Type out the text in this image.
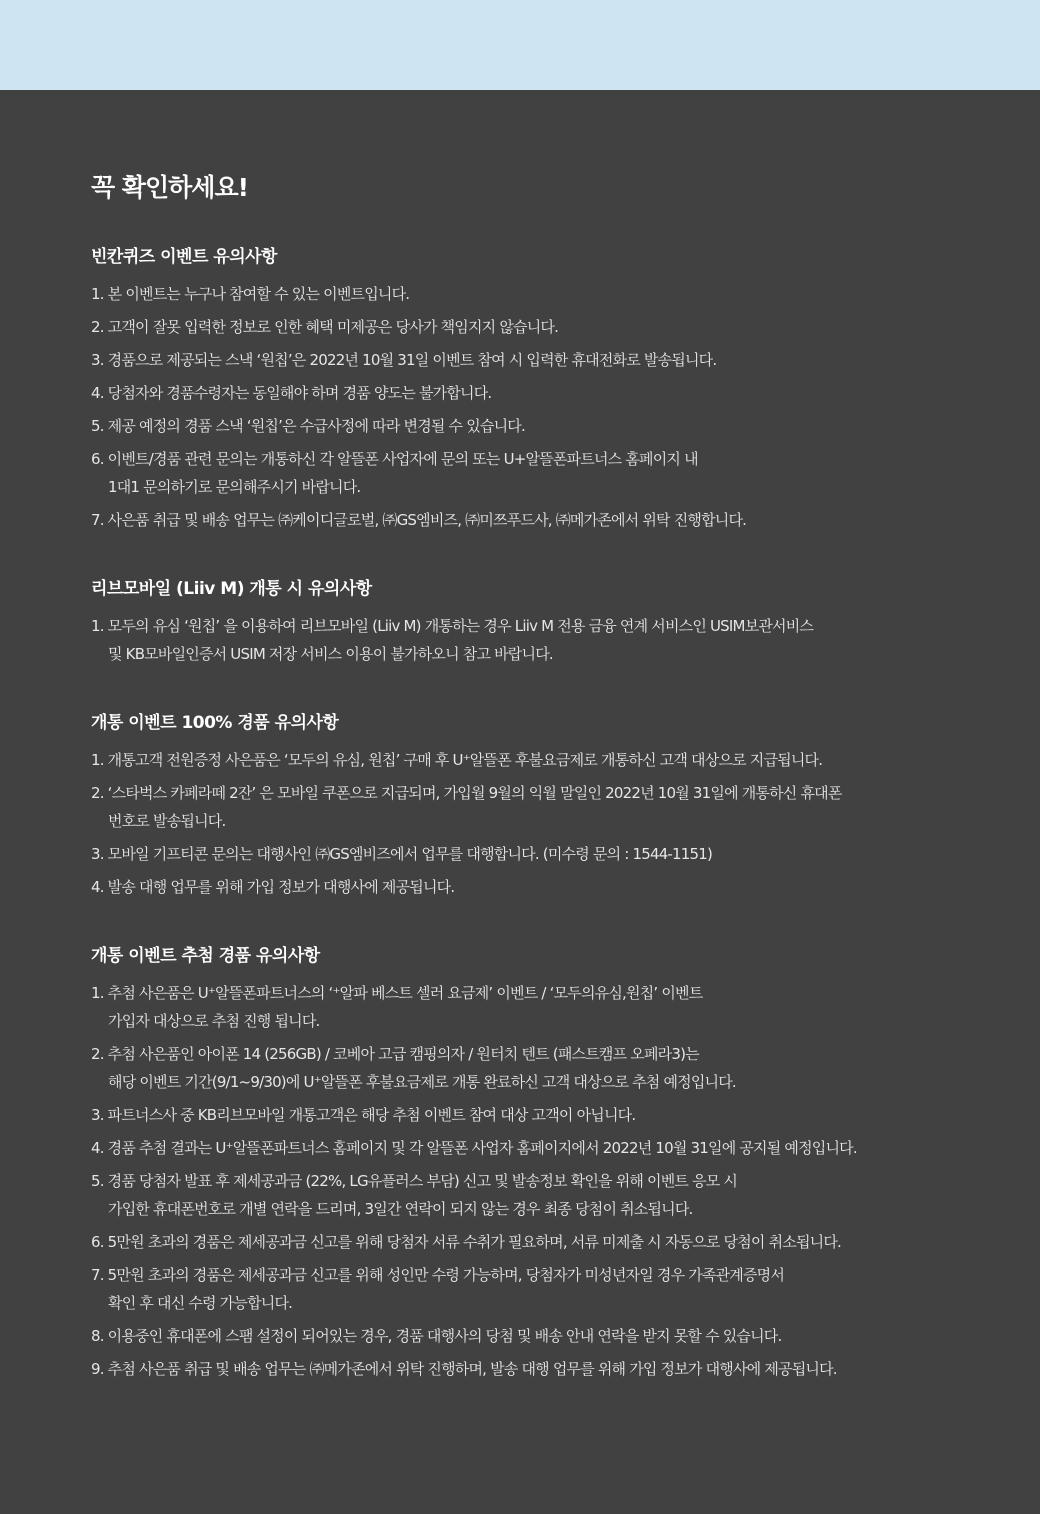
꼭 확인하세요!
빈칸퀴즈 이벤트 유의사항
1. 본 이벤트는 누구나 참여할 수 있는 이벤트입니다.
2. 고객이 잘못 입력한 정보로 인한 혜택 미제공은 당사가 책임지지 않습니다.
3. 경품으로 제공되는 스낵 ‘원칩’은 2022년 10월 31일 이벤트 참여 시 입력한 휴대전화로 발송됩니다.
4. 당첨자와 경품수령자는 동일해야 하며 경품 양도는 불가합니다.
5. 제공 예정의 경품 스낵 ‘원칩’은 수급사정에 따라 변경될 수 있습니다.
6. 이벤트/경품 관련 문의는 개통하신 각 알뜰폰 사업자에 문의 또는 U+알뜰폰파트너스 홈페이지 내
1대1 문의하기로 문의해주시기 바랍니다.
7. 사은품 취급 및 배송 업무는 ㈜케이디글로벌, ㈜GS엠비즈, ㈜미쯔푸드사, ㈜메가존에서 위탁 진행합니다.
리브모바일 (Liiv M) 개통 시 유의사항
1. 모두의 유심 ‘원칩’ 을 이용하여 리브모바일 (Liiv M) 개통하는 경우 Liiv M 전용 금융 연계 서비스인 USIM보관서비스
및 KB모바일인증서 USIM 저장 서비스 이용이 불가하오니 참고 바랍니다.
개통 이벤트 100% 경품 유의사항
1. 개통고객 전원증정 사은품은 ‘모두의 유심, 원칩’ 구매 후 U⁺알뜰폰 후불요금제로 개통하신 고객 대상으로 지급됩니다.
2. ‘스타벅스 카페라떼 2잔’ 은 모바일 쿠폰으로 지급되며, 가입월 9월의 익월 말일인 2022년 10월 31일에 개통하신 휴대폰
번호로 발송됩니다.
3. 모바일 기프티콘 문의는 대행사인 ㈜GS엠비즈에서 업무를 대행합니다. (미수령 문의 : 1544-1151)
4. 발송 대행 업무를 위해 가입 정보가 대행사에 제공됩니다.
개통 이벤트 추첨 경품 유의사항
1. 추첨 사은품은 U⁺알뜰폰파트너스의 ‘⁺알파 베스트 셀러 요금제’ 이벤트 / ‘모두의유심,원칩’ 이벤트
가입자 대상으로 추첨 진행 됩니다.
2. 추첨 사은품인 아이폰 14 (256GB) / 코베아 고급 캠핑의자 / 원터치 텐트 (패스트캠프 오페라3)는
해당 이벤트 기간(9/1~9/30)에 U⁺알뜰폰 후불요금제로 개통 완료하신 고객 대상으로 추첨 예정입니다.
3. 파트너스사 중 KB리브모바일 개통고객은 해당 추첨 이벤트 참여 대상 고객이 아닙니다.
4. 경품 추첨 결과는 U⁺알뜰폰파트너스 홈페이지 및 각 알뜰폰 사업자 홈페이지에서 2022년 10월 31일에 공지될 예정입니다.
5. 경품 당첨자 발표 후 제세공과금 (22%, LG유플러스 부담) 신고 및 발송정보 확인을 위해 이벤트 응모 시
가입한 휴대폰번호로 개별 연락을 드리며, 3일간 연락이 되지 않는 경우 최종 당첨이 취소됩니다.
6. 5만원 초과의 경품은 제세공과금 신고를 위해 당첨자 서류 수취가 필요하며, 서류 미제출 시 자동으로 당첨이 취소됩니다.
7. 5만원 초과의 경품은 제세공과금 신고를 위해 성인만 수령 가능하며, 당첨자가 미성년자일 경우 가족관계증명서
확인 후 대신 수령 가능합니다.
8. 이용중인 휴대폰에 스팸 설정이 되어있는 경우, 경품 대행사의 당첨 및 배송 안내 연락을 받지 못할 수 있습니다.
9. 추첨 사은품 취급 및 배송 업무는 ㈜메가존에서 위탁 진행하며, 발송 대행 업무를 위해 가입 정보가 대행사에 제공됩니다.
